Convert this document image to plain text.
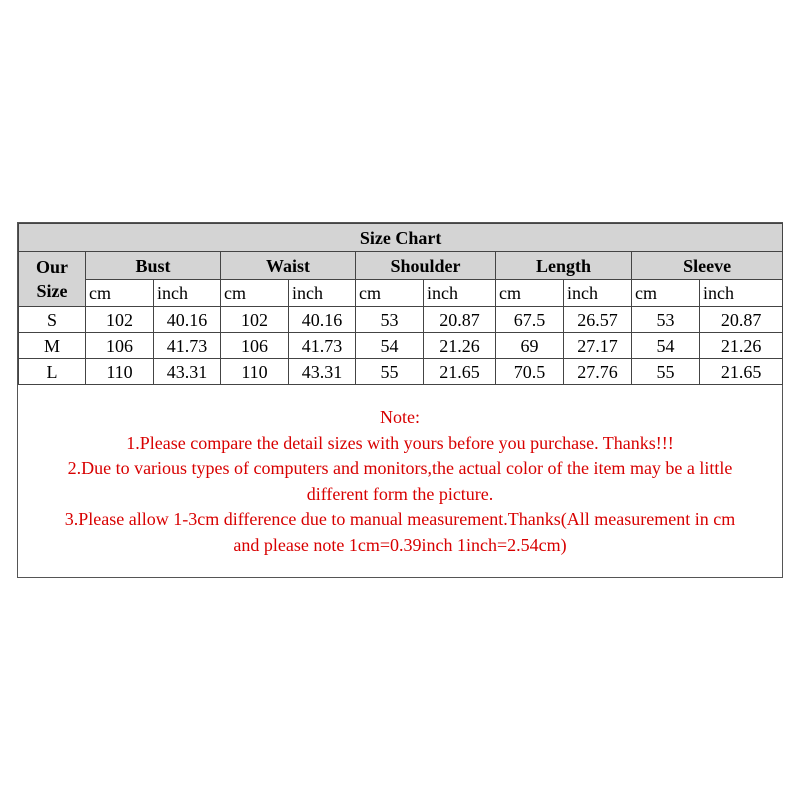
Size Chart										
Our
Size	Bust		Waist		Shoulder		Length		Sleeve	
	cm	inch	cm	inch	cm	inch	cm	inch	cm	inch
S	102	40.16	102	40.16	53	20.87	67.5	26.57	53	20.87
M	106	41.73	106	41.73	54	21.26	69	27.17	54	21.26
L	110	43.31	110	43.31	55	21.65	70.5	27.76	55	21.65
Note:
1.Please compare the detail sizes with yours before you purchase. Thanks!!!
2.Due to various types of computers and monitors,the actual color of the item may be a little
different form the picture.
3.Please allow 1-3cm difference due to manual measurement.Thanks(All measurement in cm
and please note 1cm=0.39inch 1inch=2.54cm)
